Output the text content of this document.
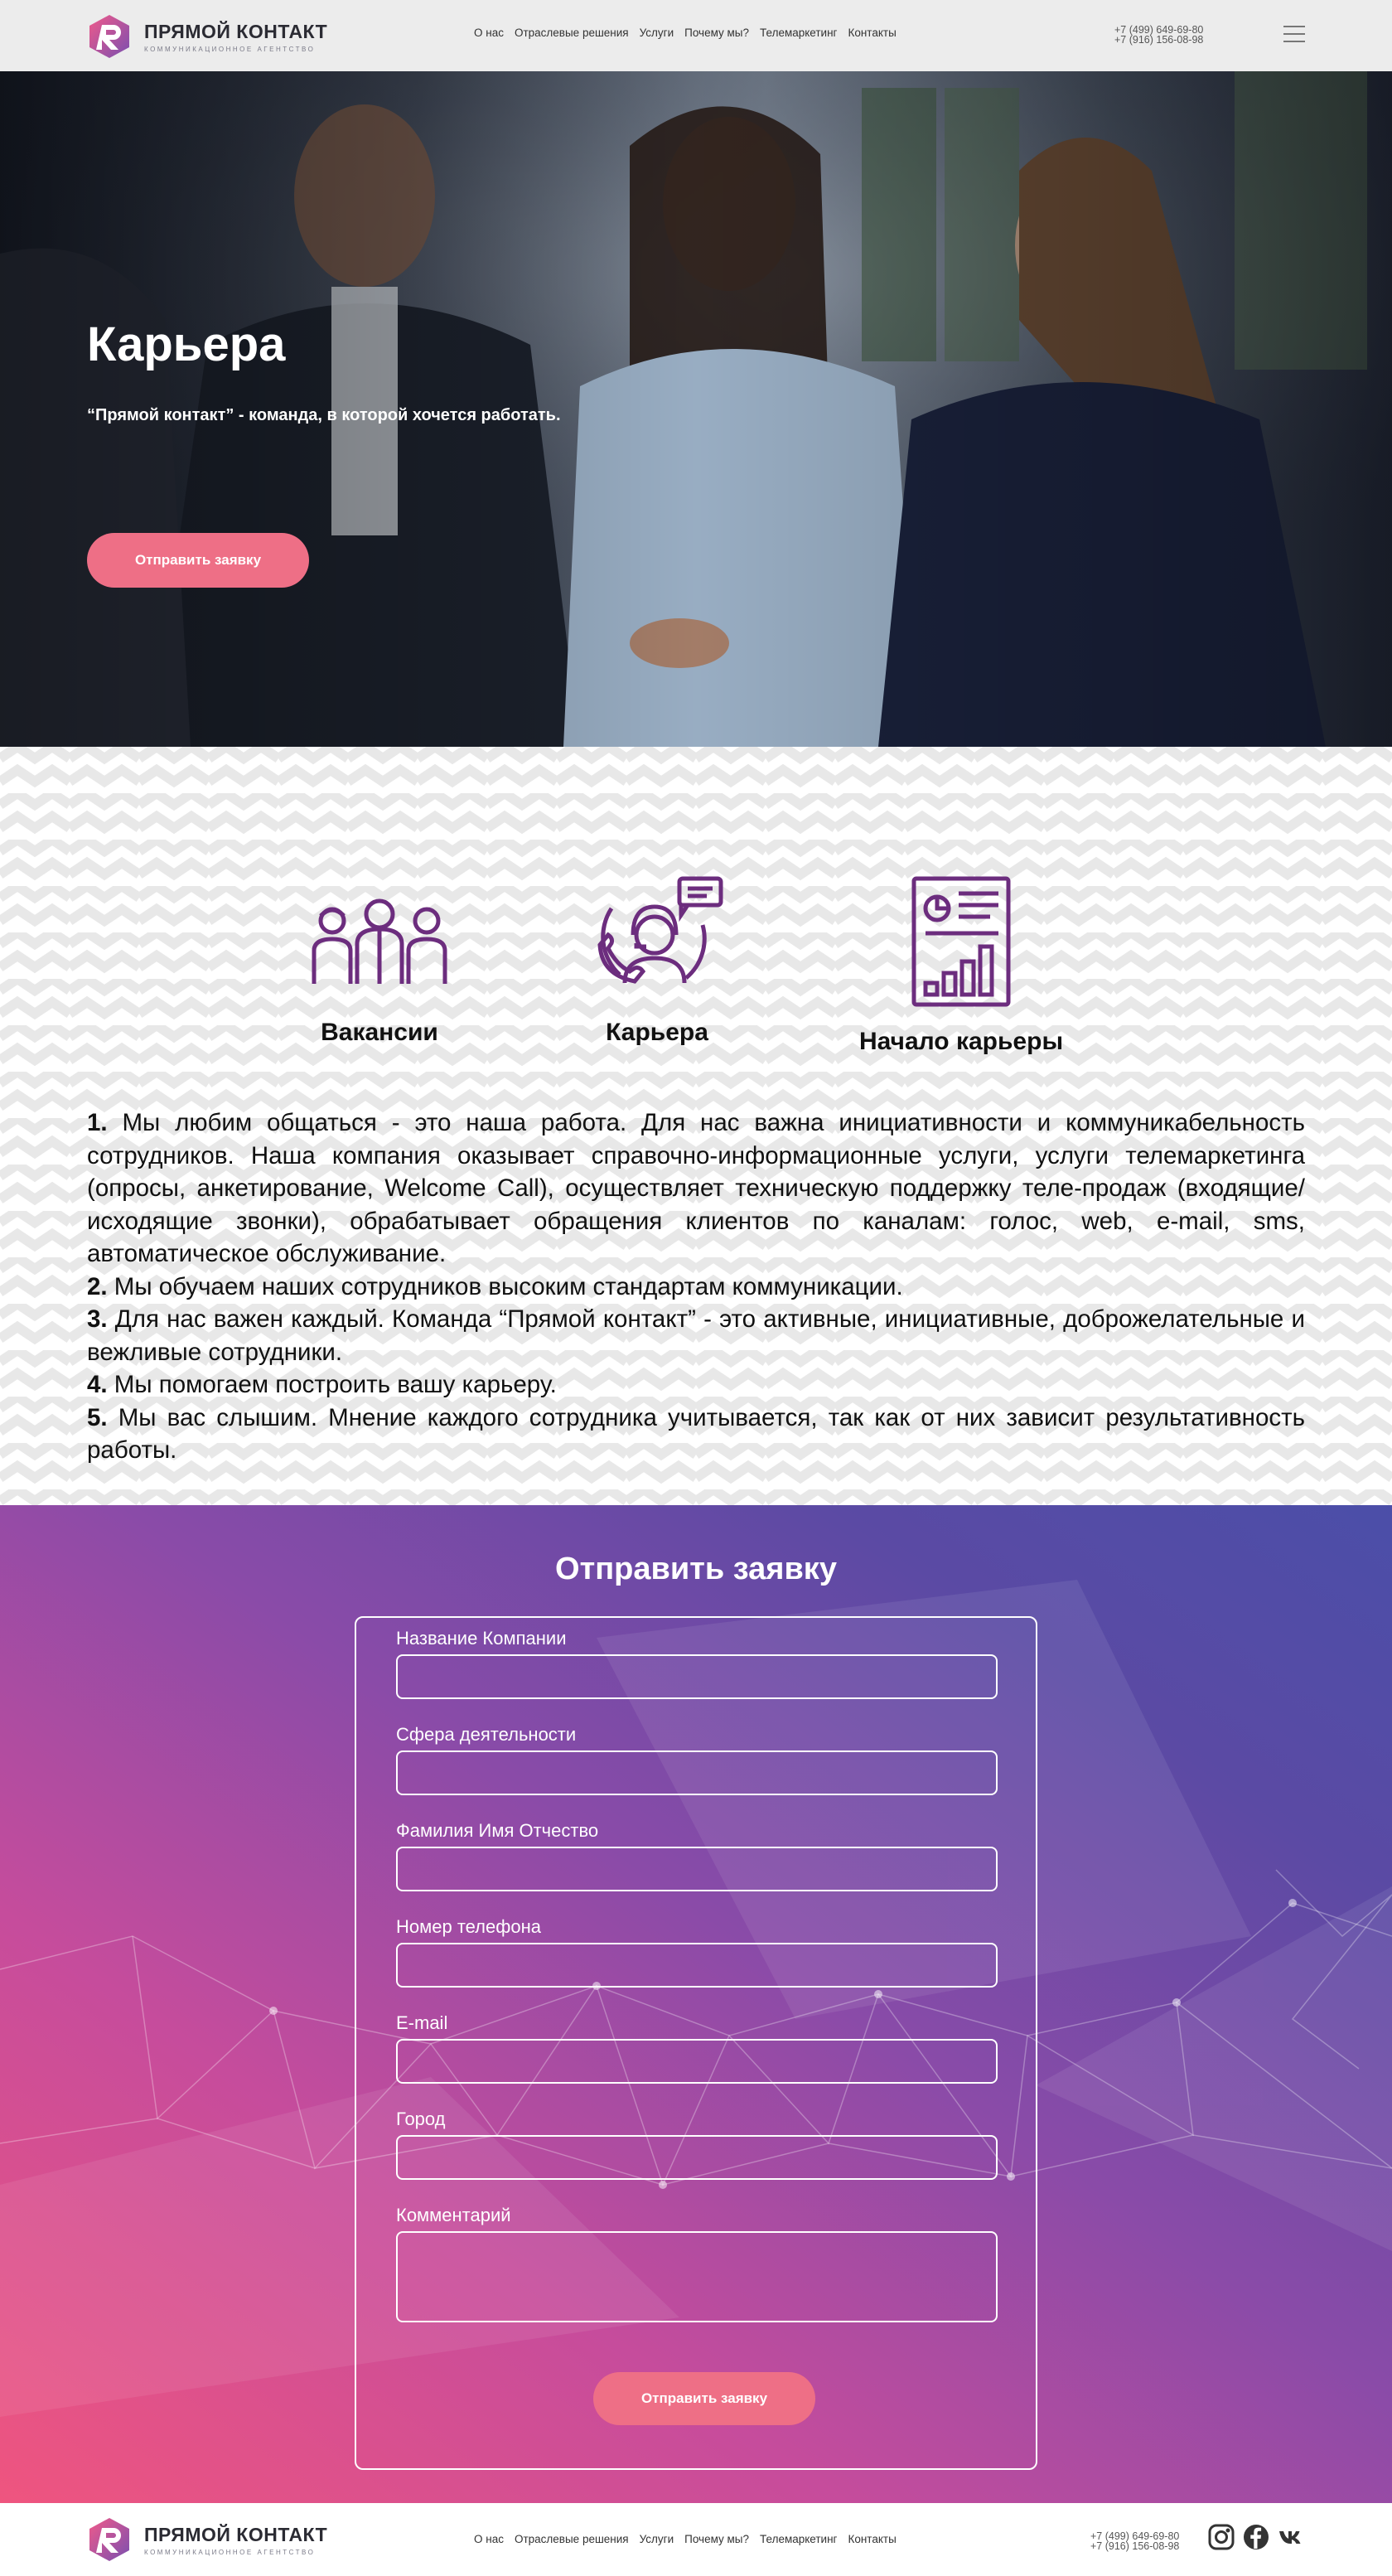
ПРЯМОЙ КОНТАКТ
КОММУНИКАЦИОННОЕ АГЕНТСТВО
О нас Отраслевые решения Услуги Почему мы? Телемаркетинг Контакты	+7 (499) 649-69-80
+7 (916) 156-08-98
Карьера
“Прямой контакт” - команда, в которой хочется работать.
Отправить заявку
Вакансии	Карьера	Начало карьеры

1. Мы любим общаться - это наша работа. Для нас важна инициативности и коммуникабельность сотрудников. Наша компания оказывает справочно-информационные услуги, услуги телемаркетинга (опросы, анкетирование, Welcome Call), осуществляет техническую поддержку теле-продаж (входящие/исходящие звонки), обрабатывает обращения клиентов по каналам: голос, web, e-mail, sms, автоматическое обслуживание.

2. Мы обучаем наших сотрудников высоким стандартам коммуникации.

3. Для нас важен каждый. Команда “Прямой контакт” - это активные, инициативные, доброжелательные и вежливые сотрудники.

4. Мы помогаем построить вашу карьеру.

5. Мы вас слышим. Мнение каждого сотрудника учитывается, так как от них зависит результативность работы.

Отправить заявку
Название Компании
Сфера деятельности
Фамилия Имя Отчество
Номер телефона
E-mail
Город
Комментарий
Отправить заявку
ПРЯМОЙ КОНТАКТ
КОММУНИКАЦИОННОЕ АГЕНТСТВО
О нас Отраслевые решения Услуги Почему мы? Телемаркетинг Контакты	+7 (499) 649-69-80
+7 (916) 156-08-98
